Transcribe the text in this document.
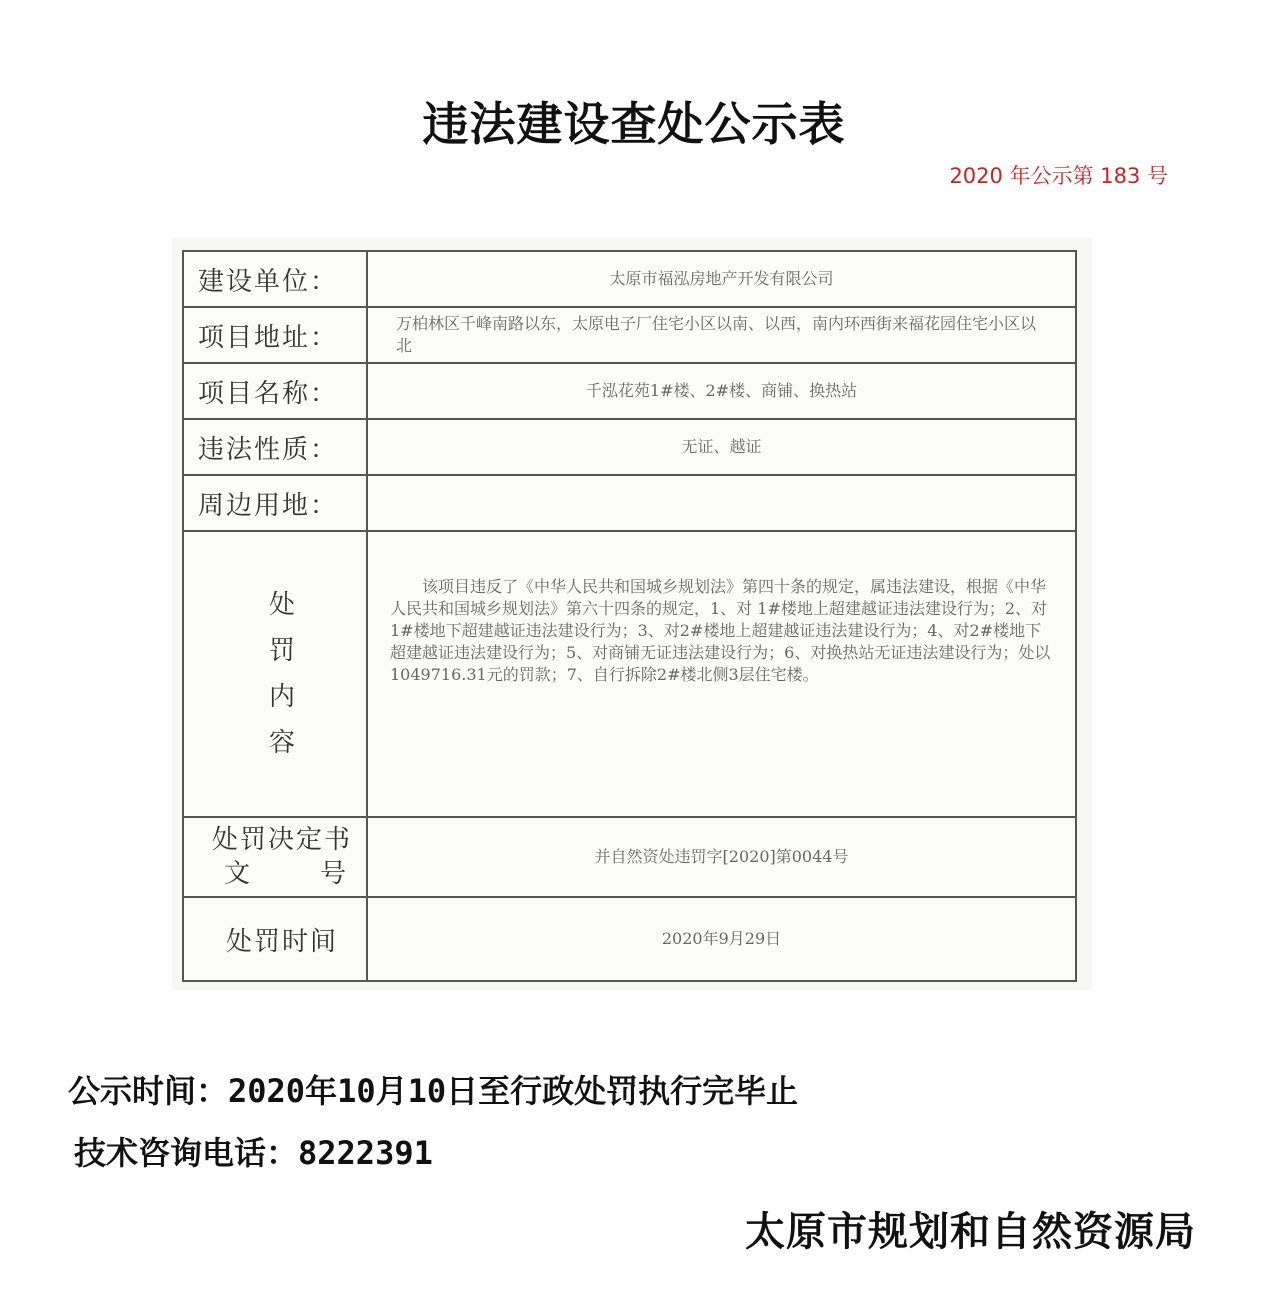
违法建设查处公示表
2020 年公示第 183 号
建设单位：	太原市福泓房地产开发有限公司
项目地址：	万柏林区千峰南路以东，太原电子厂住宅小区以南、以西，南内环西街来福花园住宅小区以北
项目名称：	千泓花苑1#楼、2#楼、商铺、换热站
违法性质：	无证、越证
周边用地：	

处罚内容	该项目违反了《中华人民共和国城乡规划法》第四十条的规定，属违法建设，根据《中华人民共和国城乡规划法》第六十四条的规定，1、对 1#楼地上超建越证违法建设行为；2、对1#楼地下超建越证违法建设行为；3、对2#楼地上超建越证违法建设行为；4、对2#楼地下超建越证违法建设行为；5、对商铺无证违法建设行为；6、对换热站无证违法建设行为；处以1049716.31元的罚款；7、自行拆除2#楼北侧3层住宅楼。

处罚决定书
文 号	并自然资处违罚字[2020]第0044号
处罚时间	2020年9月29日
公示时间：2020年10月10日至行政处罚执行完毕止
技术咨询电话：8222391
太原市规划和自然资源局
